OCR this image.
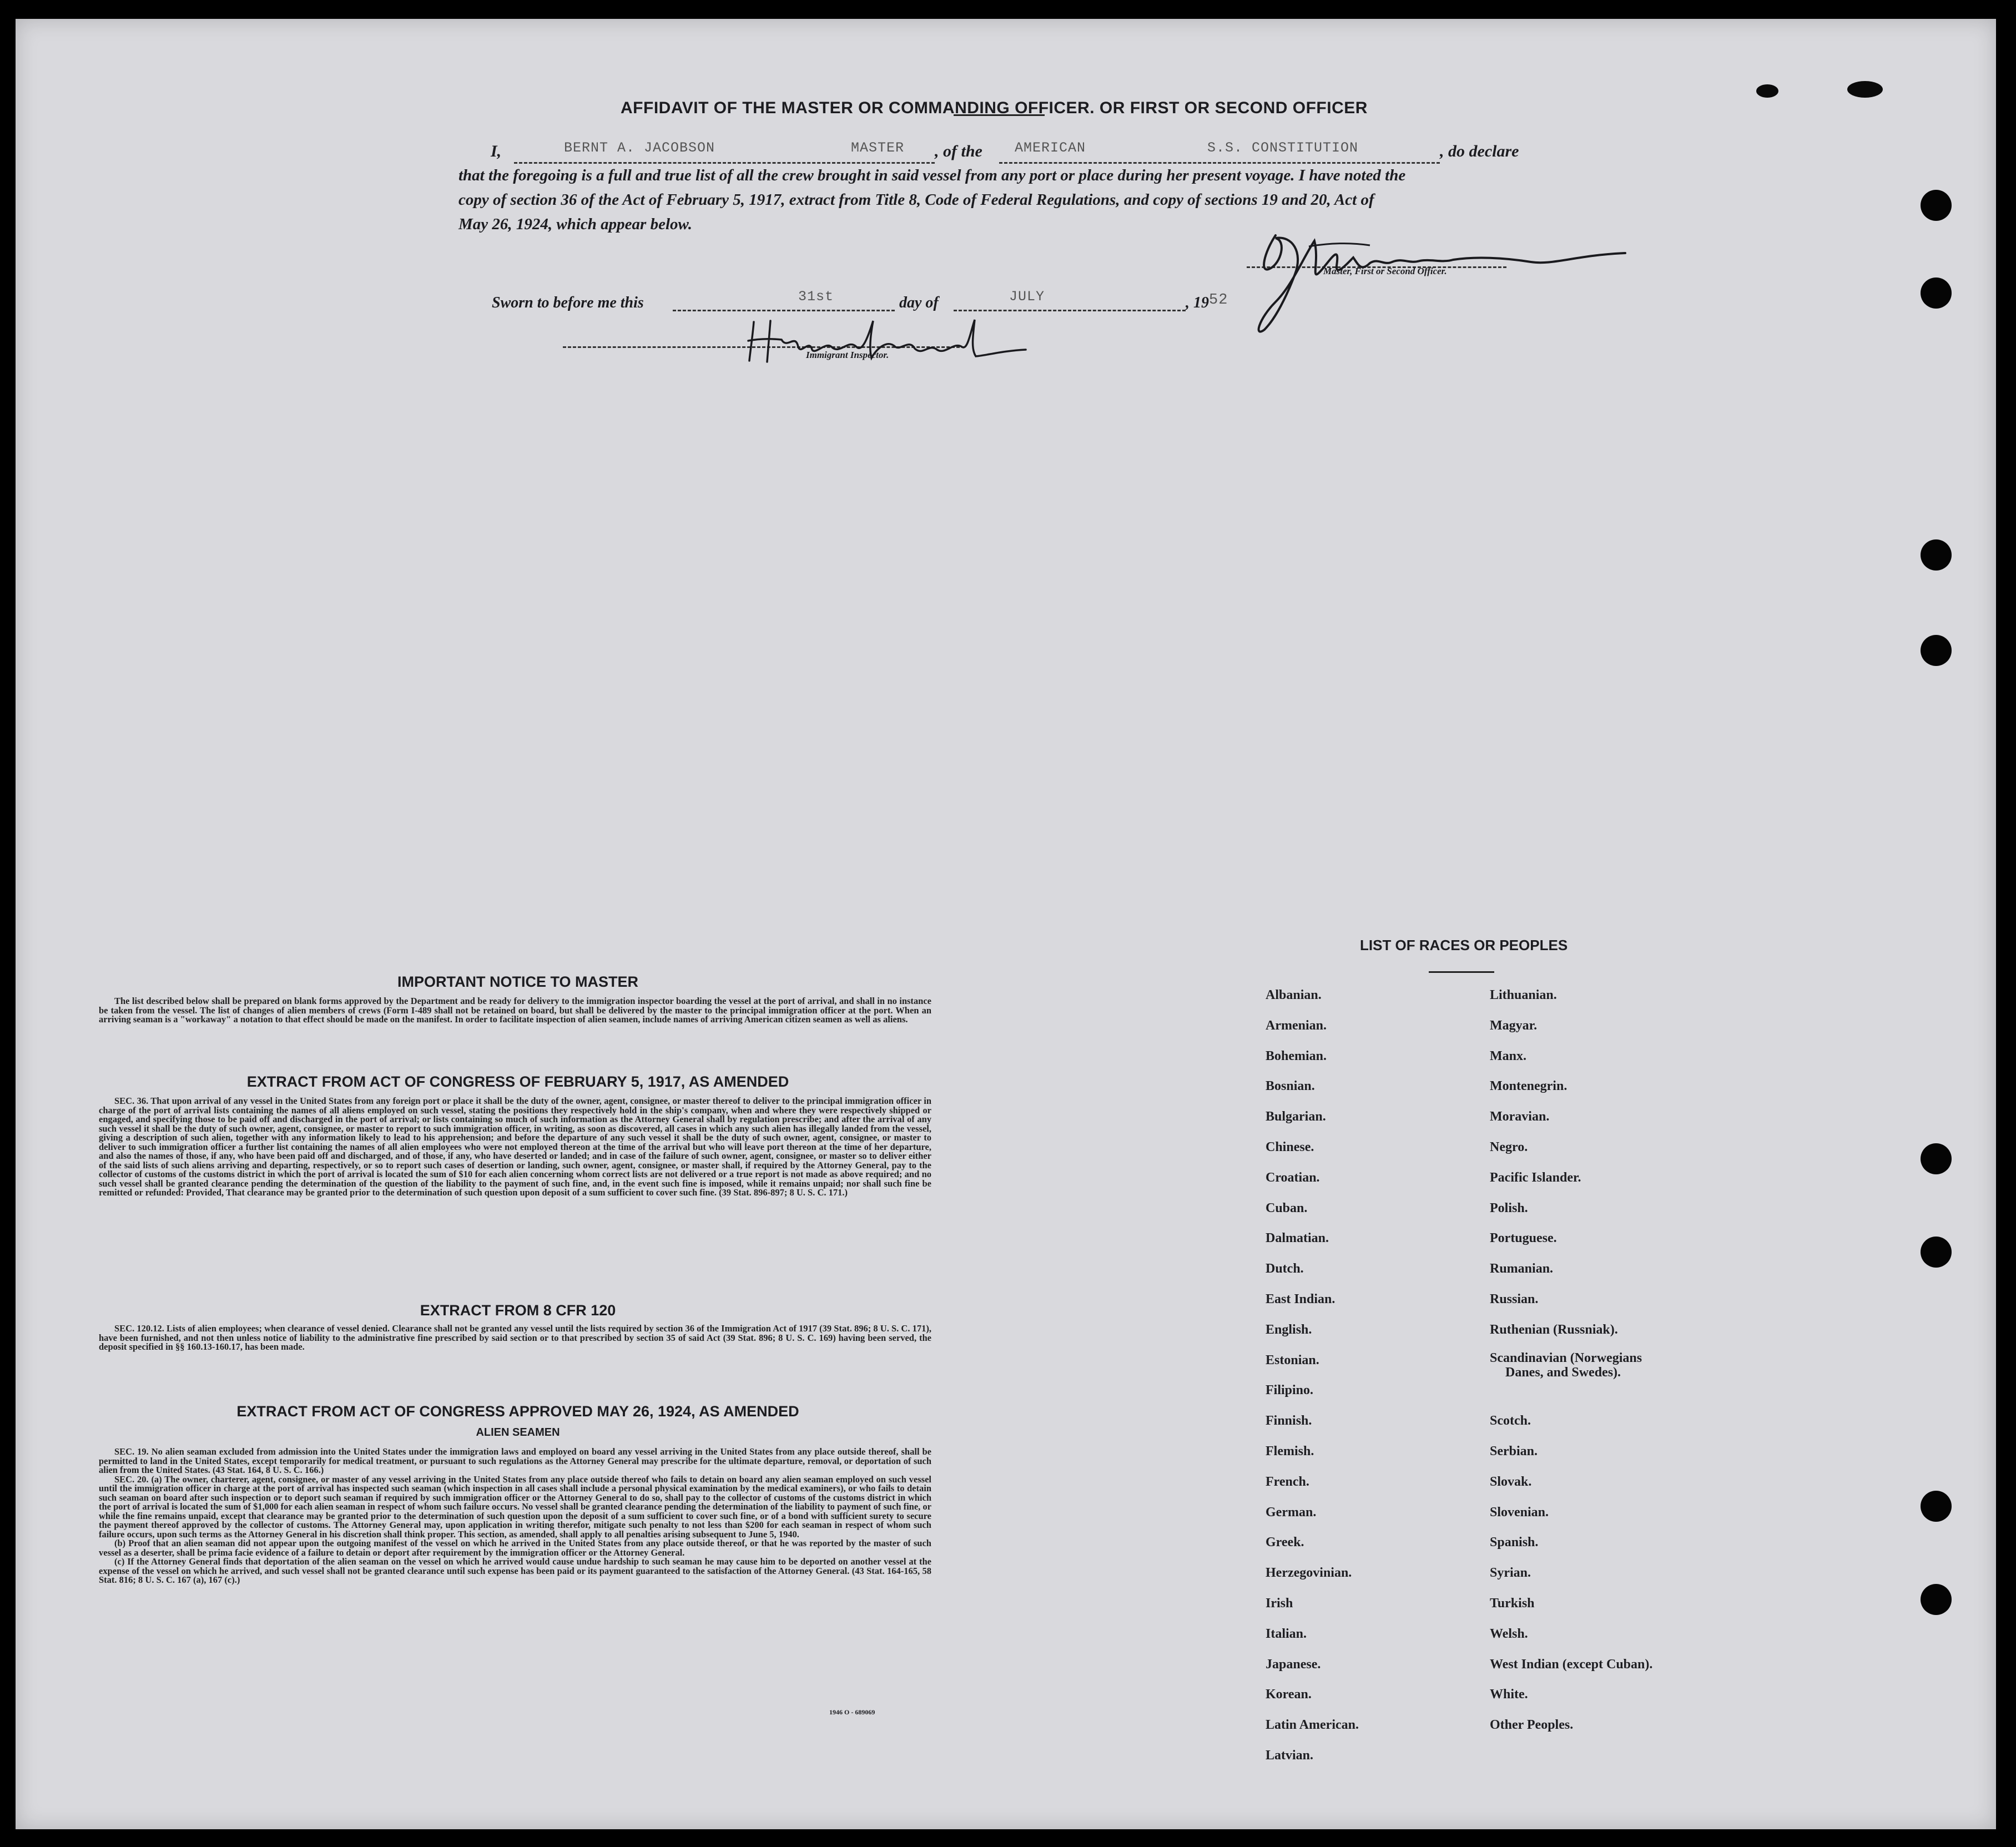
AFFIDAVIT OF THE MASTER OR COMMANDING OFFICER. OR FIRST OR SECOND OFFICER
I,	BERNT A. JACOBSON	MASTER , of the AMERICAN	S.S. CONSTITUTION	, do declare
that the foregoing is a full and true list of all the crew brought in said vessel from any port or place during her present voyage. I have noted the
copy of section 36 of the Act of February 5, 1917, extract from Title 8, Code of Federal Regulations, and copy of sections 19 and 20, Act of
May 26, 1924, which appear below.
Master, First or Second Officer.
Sworn to before me this	31st	day of	JULY	, 19 52
Immigrant Inspector.
IMPORTANT NOTICE TO MASTER

The list described below shall be prepared on blank forms approved by the Department and be ready for delivery to the immigration inspector boarding the vessel at the port of arrival, and shall in no instance be taken from the vessel. The list of changes of alien members of crews (Form I-489 shall not be retained on board, but shall be delivered by the master to the principal immigration officer at the port. When an arriving seaman is a "workaway" a notation to that effect should be made on the manifest. In order to facilitate inspection of alien seamen, include names of arriving American citizen seamen as well as aliens.

EXTRACT FROM ACT OF CONGRESS OF FEBRUARY 5, 1917, AS AMENDED

SEC. 36. That upon arrival of any vessel in the United States from any foreign port or place it shall be the duty of the owner, agent, consignee, or master thereof to deliver to the principal immigration officer in charge of the port of arrival lists containing the names of all aliens employed on such vessel, stating the positions they respectively hold in the ship's company, when and where they were respectively shipped or engaged, and specifying those to be paid off and discharged in the port of arrival; or lists containing so much of such information as the Attorney General shall by regulation prescribe; and after the arrival of any such vessel it shall be the duty of such owner, agent, consignee, or master to report to such immigration officer, in writing, as soon as discovered, all cases in which any such alien has illegally landed from the vessel, giving a description of such alien, together with any information likely to lead to his apprehension; and before the departure of any such vessel it shall be the duty of such owner, agent, consignee, or master to deliver to such immigration officer a further list containing the names of all alien employees who were not employed thereon at the time of the arrival but who will leave port thereon at the time of her departure, and also the names of those, if any, who have been paid off and discharged, and of those, if any, who have deserted or landed; and in case of the failure of such owner, agent, consignee, or master so to deliver either of the said lists of such aliens arriving and departing, respectively, or so to report such cases of desertion or landing, such owner, agent, consignee, or master shall, if required by the Attorney General, pay to the collector of customs of the customs district in which the port of arrival is located the sum of $10 for each alien concerning whom correct lists are not delivered or a true report is not made as above required; and no such vessel shall be granted clearance pending the determination of the question of the liability to the payment of such fine, and, in the event such fine is imposed, while it remains unpaid; nor shall such fine be remitted or refunded: Provided, That clearance may be granted prior to the determination of such question upon deposit of a sum sufficient to cover such fine. (39 Stat. 896-897; 8 U. S. C. 171.)

EXTRACT FROM 8 CFR 120

SEC. 120.12. Lists of alien employees; when clearance of vessel denied. Clearance shall not be granted any vessel until the lists required by section 36 of the Immigration Act of 1917 (39 Stat. 896; 8 U. S. C. 171), have been furnished, and not then unless notice of liability to the administrative fine prescribed by said section or to that prescribed by section 35 of said Act (39 Stat. 896; 8 U. S. C. 169) having been served, the deposit specified in §§ 160.13-160.17, has been made.

EXTRACT FROM ACT OF CONGRESS APPROVED MAY 26, 1924, AS AMENDED
ALIEN SEAMEN

SEC. 19. No alien seaman excluded from admission into the United States under the immigration laws and employed on board any vessel arriving in the United States from any place outside thereof, shall be permitted to land in the United States, except temporarily for medical treatment, or pursuant to such regulations as the Attorney General may prescribe for the ultimate departure, removal, or deportation of such alien from the United States. (43 Stat. 164, 8 U. S. C. 166.)

SEC. 20. (a) The owner, charterer, agent, consignee, or master of any vessel arriving in the United States from any place outside thereof who fails to detain on board any alien seaman employed on such vessel until the immigration officer in charge at the port of arrival has inspected such seaman (which inspection in all cases shall include a personal physical examination by the medical examiners), or who fails to detain such seaman on board after such inspection or to deport such seaman if required by such immigration officer or the Attorney General to do so, shall pay to the collector of customs of the customs district in which the port of arrival is located the sum of $1,000 for each alien seaman in respect of whom such failure occurs. No vessel shall be granted clearance pending the determination of the liability to payment of such fine, or while the fine remains unpaid, except that clearance may be granted prior to the determination of such question upon the deposit of a sum sufficient to cover such fine, or of a bond with sufficient surety to secure the payment thereof approved by the collector of customs. The Attorney General may, upon application in writing therefor, mitigate such penalty to not less than $200 for each seaman in respect of whom such failure occurs, upon such terms as the Attorney General in his discretion shall think proper. This section, as amended, shall apply to all penalties arising subsequent to June 5, 1940.

(b) Proof that an alien seaman did not appear upon the outgoing manifest of the vessel on which he arrived in the United States from any place outside thereof, or that he was reported by the master of such vessel as a deserter, shall be prima facie evidence of a failure to detain or deport after requirement by the immigration officer or the Attorney General.

(c) If the Attorney General finds that deportation of the alien seaman on the vessel on which he arrived would cause undue hardship to such seaman he may cause him to be deported on another vessel at the expense of the vessel on which he arrived, and such vessel shall not be granted clearance until such expense has been paid or its payment guaranteed to the satisfaction of the Attorney General. (43 Stat. 164-165, 58 Stat. 816; 8 U. S. C. 167 (a), 167 (c).)

1946 O - 689069
LIST OF RACES OR PEOPLES
Albanian.
Armenian.
Bohemian.
Bosnian.
Bulgarian.
Chinese.
Croatian.
Cuban.
Dalmatian.
Dutch.
East Indian.
English.
Estonian.
Filipino.
Finnish.
Flemish.
French.
German.
Greek.
Herzegovinian.
Irish
Italian.
Japanese.
Korean.
Latin American.
Latvian.
Lithuanian.
Magyar.
Manx.
Montenegrin.
Moravian.
Negro.
Pacific Islander.
Polish.
Portuguese.
Rumanian.
Russian.
Ruthenian (Russniak).
Scandinavian (Norwegians
Danes, and Swedes).
Scotch.
Serbian.
Slovak.
Slovenian.
Spanish.
Syrian.
Turkish
Welsh.
West Indian (except Cuban).
White.
Other Peoples.
